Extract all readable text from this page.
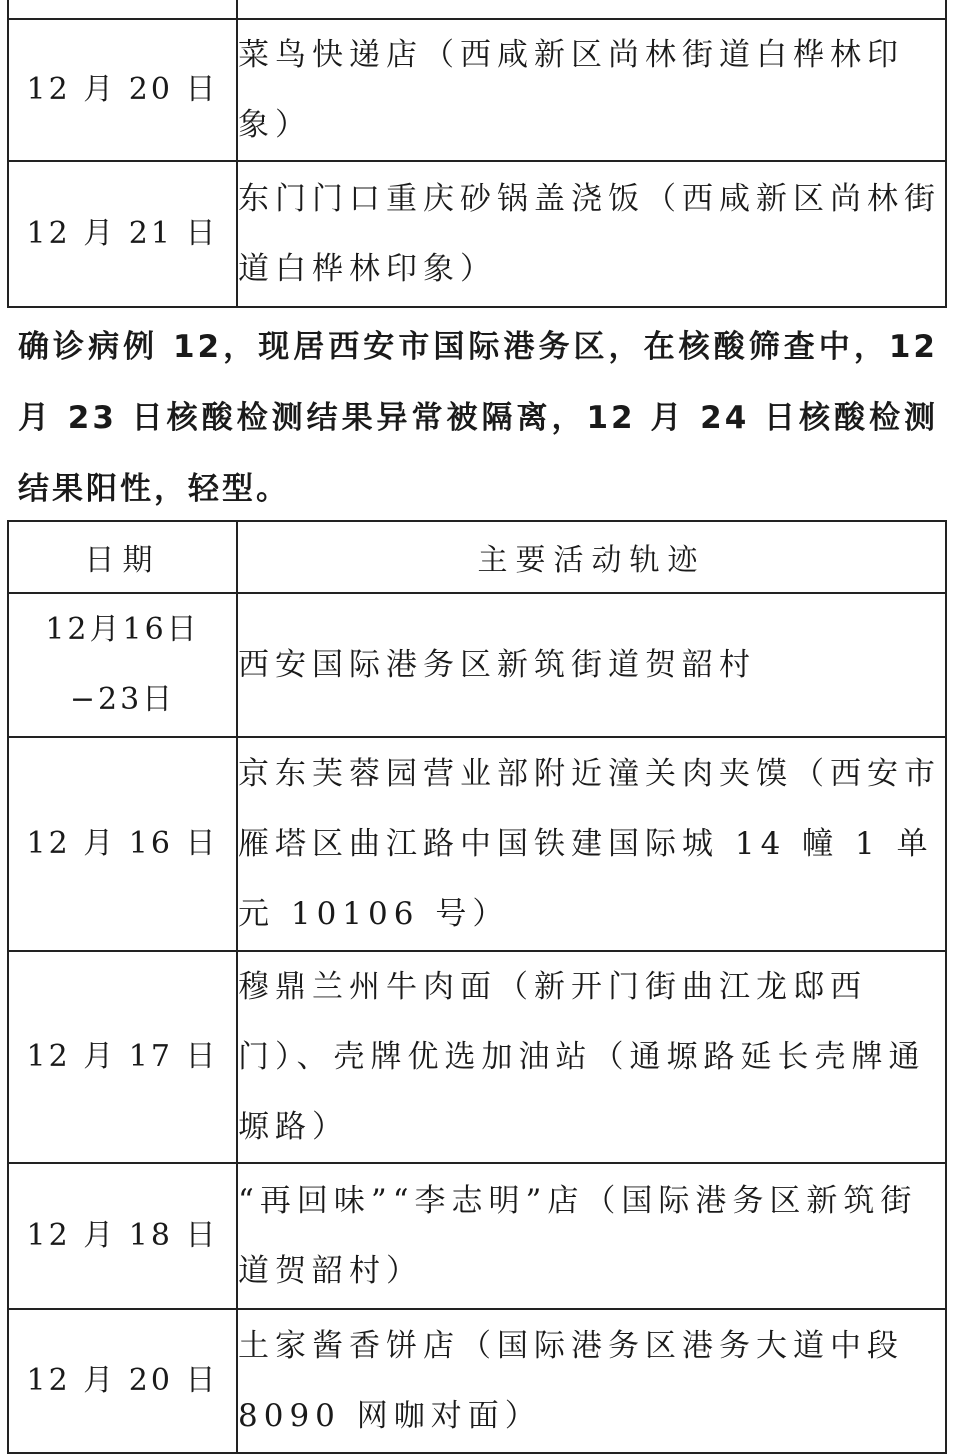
12 月 20 日	菜鸟快递店（西咸新区尚林街道白桦林印象）
12 月 21 日	东门门口重庆砂锅盖浇饭（西咸新区尚林街道白桦林印象）

确诊病例 12，现居西安市国际港务区，在核酸筛查中，12 月 23 日核酸检测结果异常被隔离，12 月 24 日核酸检测结果阳性，轻型。

日期	主要活动轨迹
12月16日−23日	西安国际港务区新筑街道贺韶村
12 月 16 日	京东芙蓉园营业部附近潼关肉夹馍（西安市雁塔区曲江路中国铁建国际城 14 幢 1 单元 10106 号）
12 月 17 日	穆鼎兰州牛肉面（新开门街曲江龙邸西门）、壳牌优选加油站（通塬路延长壳牌通塬路）
12 月 18 日	“再回味”“李志明”店（国际港务区新筑街道贺韶村）
12 月 20 日	土家酱香饼店（国际港务区港务大道中段 8090 网咖对面）
